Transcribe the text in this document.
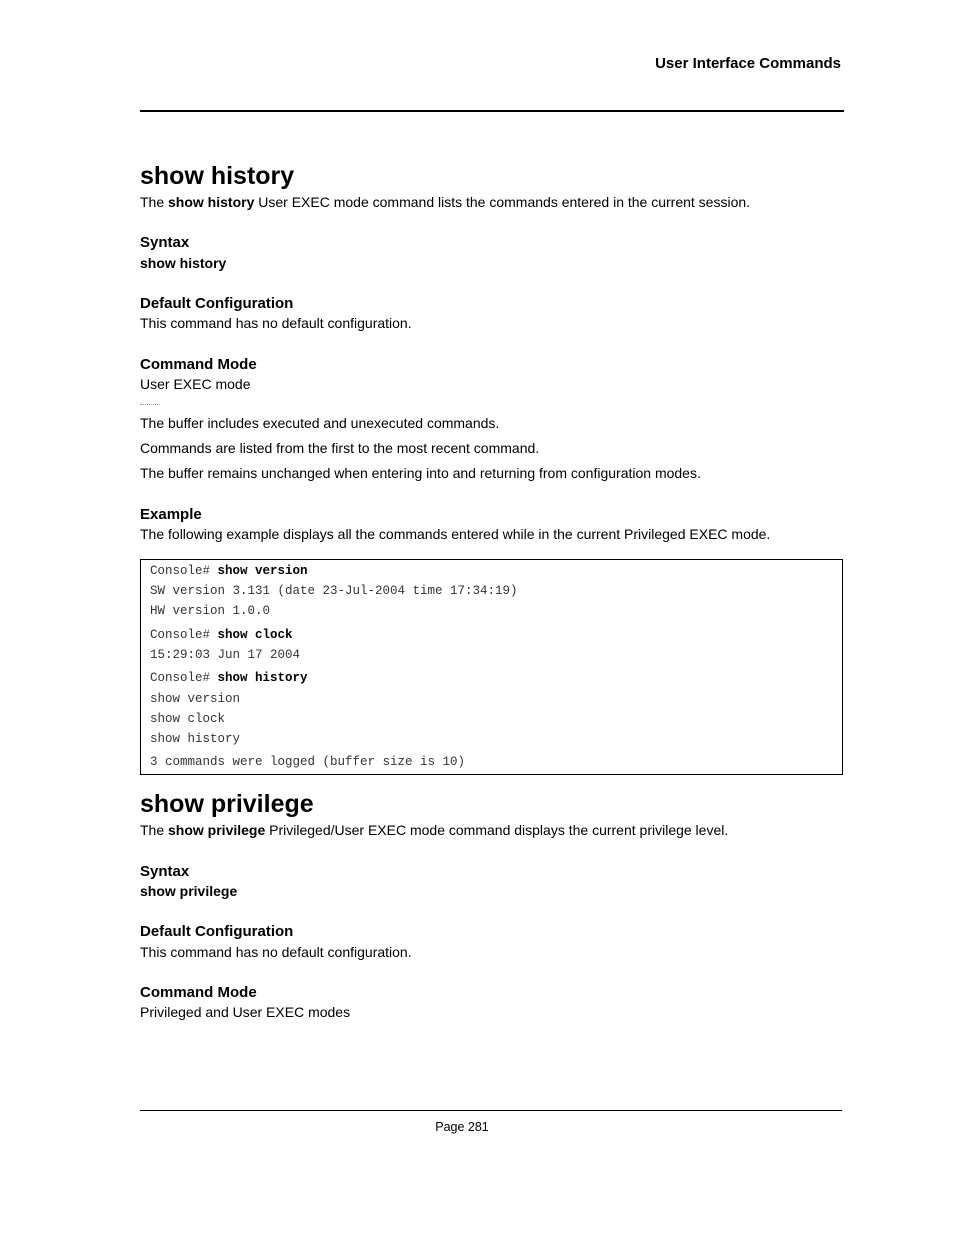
User Interface Commands
show history
The show history User EXEC mode command lists the commands entered in the current session.
Syntax
show history
Default Configuration
This command has no default configuration.
Command Mode
User EXEC mode
The buffer includes executed and unexecuted commands.
Commands are listed from the first to the most recent command.
The buffer remains unchanged when entering into and returning from configuration modes.
Example
The following example displays all the commands entered while in the current Privileged EXEC mode.
Console# show version
SW version 3.131 (date 23-Jul-2004 time 17:34:19)
HW version 1.0.0
Console# show clock
15:29:03 Jun 17 2004
Console# show history
show version
show clock
show history
3 commands were logged (buffer size is 10)
show privilege
The show privilege Privileged/User EXEC mode command displays the current privilege level.
Syntax
show privilege
Default Configuration
This command has no default configuration.
Command Mode
Privileged and User EXEC modes
Page 281
